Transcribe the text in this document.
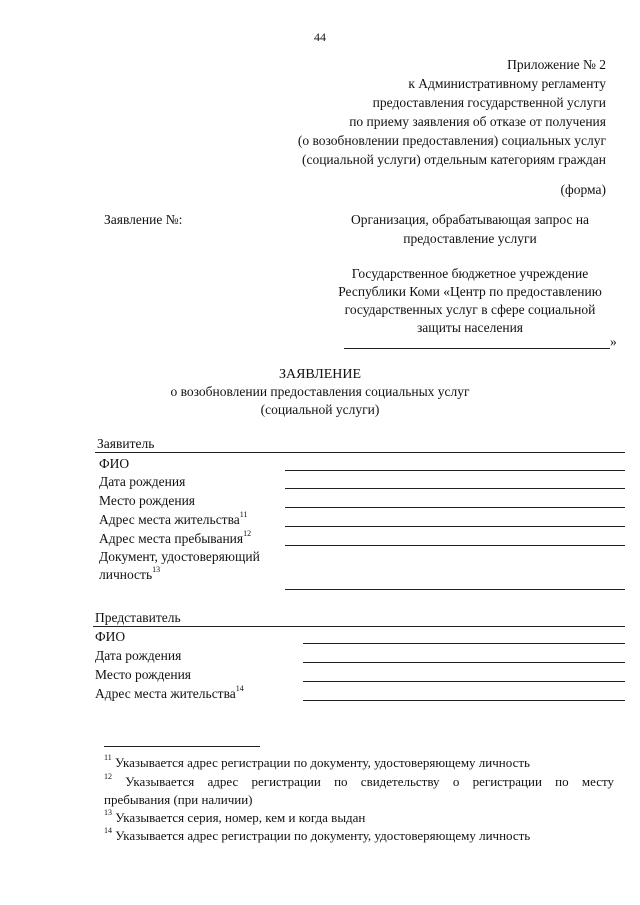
44
Приложение № 2
к Административному регламенту
предоставления государственной услуги
по приему заявления об отказе от получения
(о возобновлении предоставления) социальных услуг
(социальной услуги) отдельным категориям граждан
(форма)
Заявление №:	Организация, обрабатывающая запрос на
предоставление услуги
Государственное бюджетное учреждение
Республики Коми «Центр по предоставлению
государственных услуг в сфере социальной
защиты населения
»
ЗАЯВЛЕНИЕ
о возобновлении предоставления социальных услуг
(социальной услуги)
Заявитель
ФИО
Дата рождения
Место рождения
Адрес места жительства$^{11}$
Адрес места пребывания$^{12}$
Документ, удостоверяющий
личность$^{13}$
Представитель
ФИО
Дата рождения
Место рождения
Адрес места жительства$^{14}$
$^{11}$ Указывается адрес регистрации по документу, удостоверяющему личность
$^{12}$ Указывается адрес регистрации по свидетельству о регистрации по месту
пребывания (при наличии)
$^{13}$ Указывается серия, номер, кем и когда выдан
$^{14}$ Указывается адрес регистрации по документу, удостоверяющему личность
